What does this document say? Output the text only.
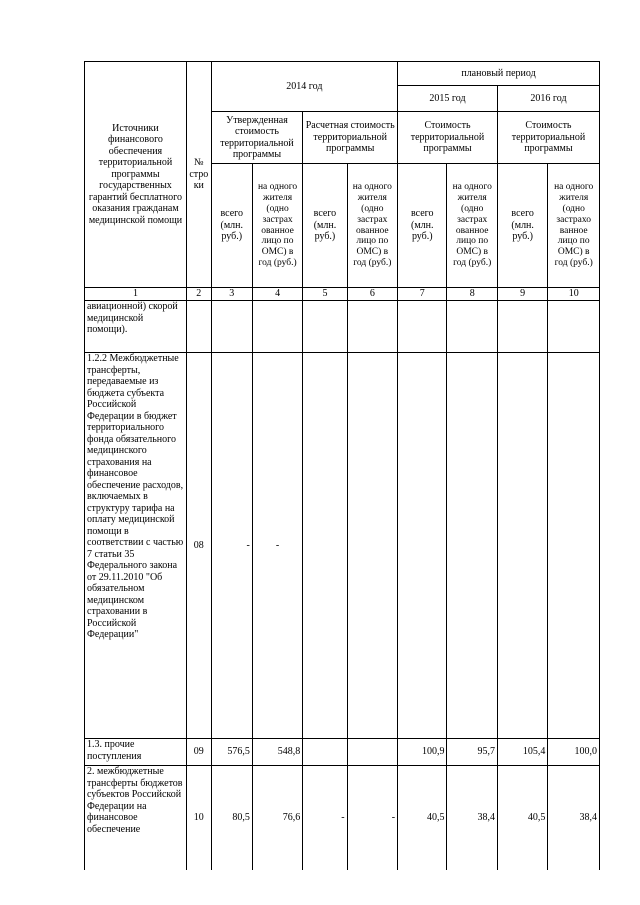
Источники финансового обеспечения территориальной программы государственных гарантий бесплатного оказания гражданам медицинской помощи	№ стро ки	2014 год				плановый период			
						2015 год		2016 год	
		Утвержденная стоимость территориальной программы		Расчетная стоимость территориальной программы		Стоимость территориальной программы		Стоимость территориальной программы	
		всего (млн. руб.)	на одного жителя (одно застрах ованное лицо по ОМС) в год (руб.)	всего (млн. руб.)	на одного жителя (одно застрах ованное лицо по ОМС) в год (руб.)	всего (млн. руб.)	на одного жителя (одно застрах ованное лицо по ОМС) в год (руб.)	всего (млн. руб.)	на одного жителя (одно застрахо ванное лицо по ОМС) в год (руб.)

1	2	3	4	5	6	7	8	9	10
авиационной) скорой медицинской помощи).									
1.2.2 Межбюджетные трансферты, передаваемые из бюджета субъекта Российской Федерации в бюджет территориального фонда обязательного медицинского страхования на финансовое обеспечение расходов, включаемых в структуру тарифа на оплату медицинской помощи в соответствии с частью 7 статьи 35 Федерального закона от 29.11.2010 "Об обязательном медицинском страховании в Российской Федерации"	08	-	-						
1.3. прочие поступления	09	576,5	548,8			100,9	95,7	105,4	100,0
2. межбюджетные трансферты бюджетов субъектов Российской Федерации на финансовое обеспечение	10	80,5	76,6	-	-	40,5	38,4	40,5	38,4
